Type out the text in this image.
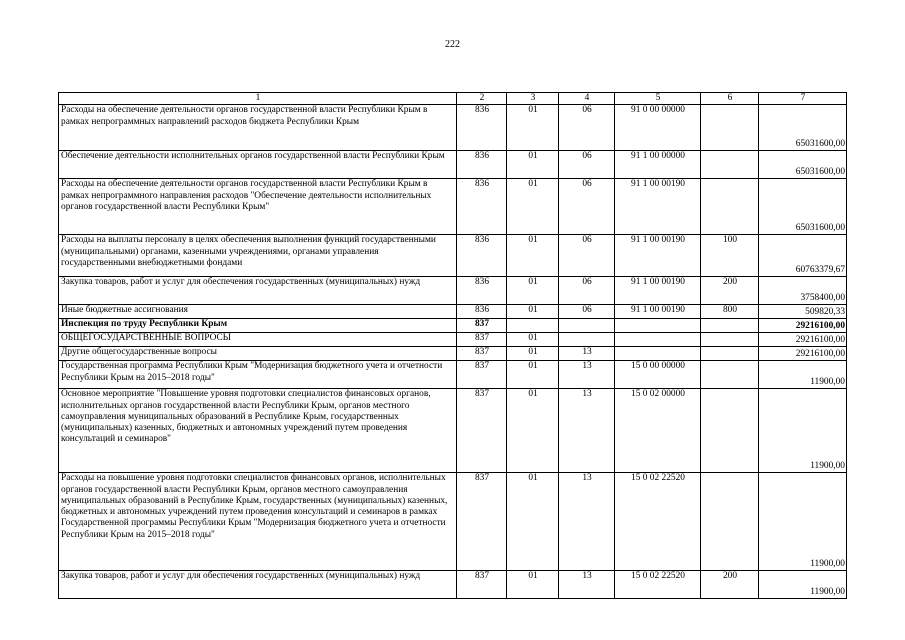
222
1	2	3	4	5	6	7
Расходы на обеспечение деятельности органов государственной власти Республики Крым в рамках непрограммных направлений расходов бюджета Республики Крым	836	01	06	91 0 00 00000		65031600,00
Обеспечение деятельности исполнительных органов государственной власти Республики Крым	836	01	06	91 1 00 00000		65031600,00
Расходы на обеспечение деятельности органов государственной власти Республики Крым в рамках непрограммного направления расходов "Обеспечение деятельности исполнительных органов государственной власти Республики Крым"	836	01	06	91 1 00 00190		65031600,00
Расходы на выплаты персоналу в целях обеспечения выполнения функций государственными (муниципальными) органами, казенными учреждениями, органами управления государственными внебюджетными фондами	836	01	06	91 1 00 00190	100	60763379,67
Закупка товаров, работ и услуг для обеспечения государственных (муниципальных) нужд	836	01	06	91 1 00 00190	200	3758400,00
Иные бюджетные ассигнования	836	01	06	91 1 00 00190	800	509820,33
Инспекция по труду Республики Крым	837					29216100,00
ОБЩЕГОСУДАРСТВЕННЫЕ ВОПРОСЫ	837	01				29216100,00
Другие общегосударственные вопросы	837	01	13			29216100,00
Государственная программа Республики Крым "Модернизация бюджетного учета и отчетности Республики Крым на 2015–2018 годы"	837	01	13	15 0 00 00000		11900,00
Основное мероприятие "Повышение уровня подготовки специалистов финансовых органов, исполнительных органов государственной власти Республики Крым, органов местного самоуправления муниципальных образований в Республике Крым, государственных (муниципальных) казенных, бюджетных и автономных учреждений путем проведения консультаций и семинаров"	837	01	13	15 0 02 00000		11900,00
Расходы на повышение уровня подготовки специалистов финансовых органов, исполнительных органов государственной власти Республики Крым, органов местного самоуправления муниципальных образований в Республике Крым, государственных (муниципальных) казенных, бюджетных и автономных учреждений путем проведения консультаций и семинаров в рамках Государственной программы Республики Крым "Модернизация бюджетного учета и отчетности Республики Крым на 2015–2018 годы"	837	01	13	15 0 02 22520		11900,00
Закупка товаров, работ и услуг для обеспечения государственных (муниципальных) нужд	837	01	13	15 0 02 22520	200	11900,00
